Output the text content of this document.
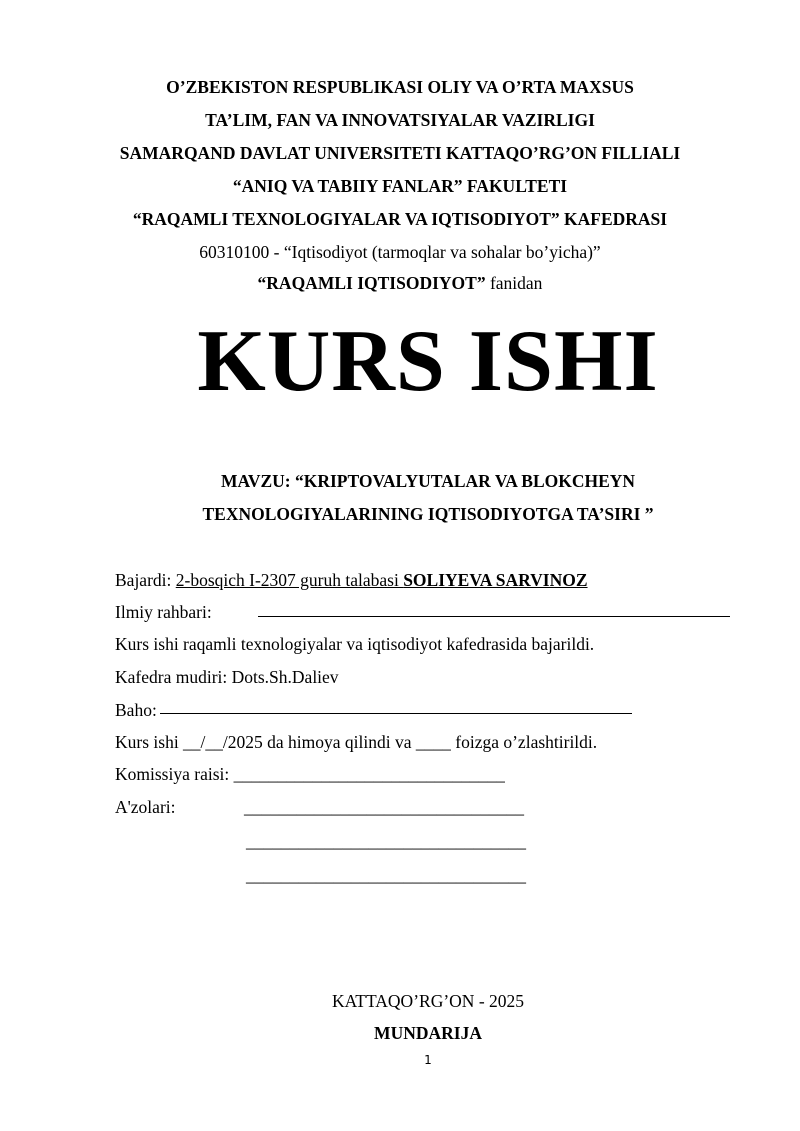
O’ZBEKISTON RESPUBLIKASI OLIY VA O’RTA MAXSUS
TA’LIM, FAN VA INNOVATSIYALAR VAZIRLIGI
SAMARQAND DAVLAT UNIVERSITETI KATTAQO’RG’ON FILLIALI
“ANIQ VA TABIIY FANLAR” FAKULTETI
“RAQAMLI TEXNOLOGIYALAR VA IQTISODIYOT” KAFEDRASI
60310100 - “Iqtisodiyot (tarmoqlar va sohalar bo’yicha)”
“RAQAMLI IQTISODIYOT” fanidan
KURS ISHI
MAVZU: “KRIPTOVALYUTALAR VA BLOKCHEYN
TEXNOLOGIYALARINING IQTISODIYOTGA TA’SIRI ”
Bajardi: 2-bosqich I-2307 guruh talabasi SOLIYEVA SARVINOZ
Ilmiy rahbari:
Kurs ishi raqamli texnologiyalar va iqtisodiyot kafedrasida bajarildi.
Kafedra mudiri: Dots.Sh.Daliev
Baho:
Kurs ishi __/__/2025 da himoya qilindi va ____ foizga o’zlashtirildi.
Komissiya raisi: _______________________________
A'zolari:	________________________________
________________________________
________________________________
KATTAQO’RG’ON - 2025
MUNDARIJA
1
